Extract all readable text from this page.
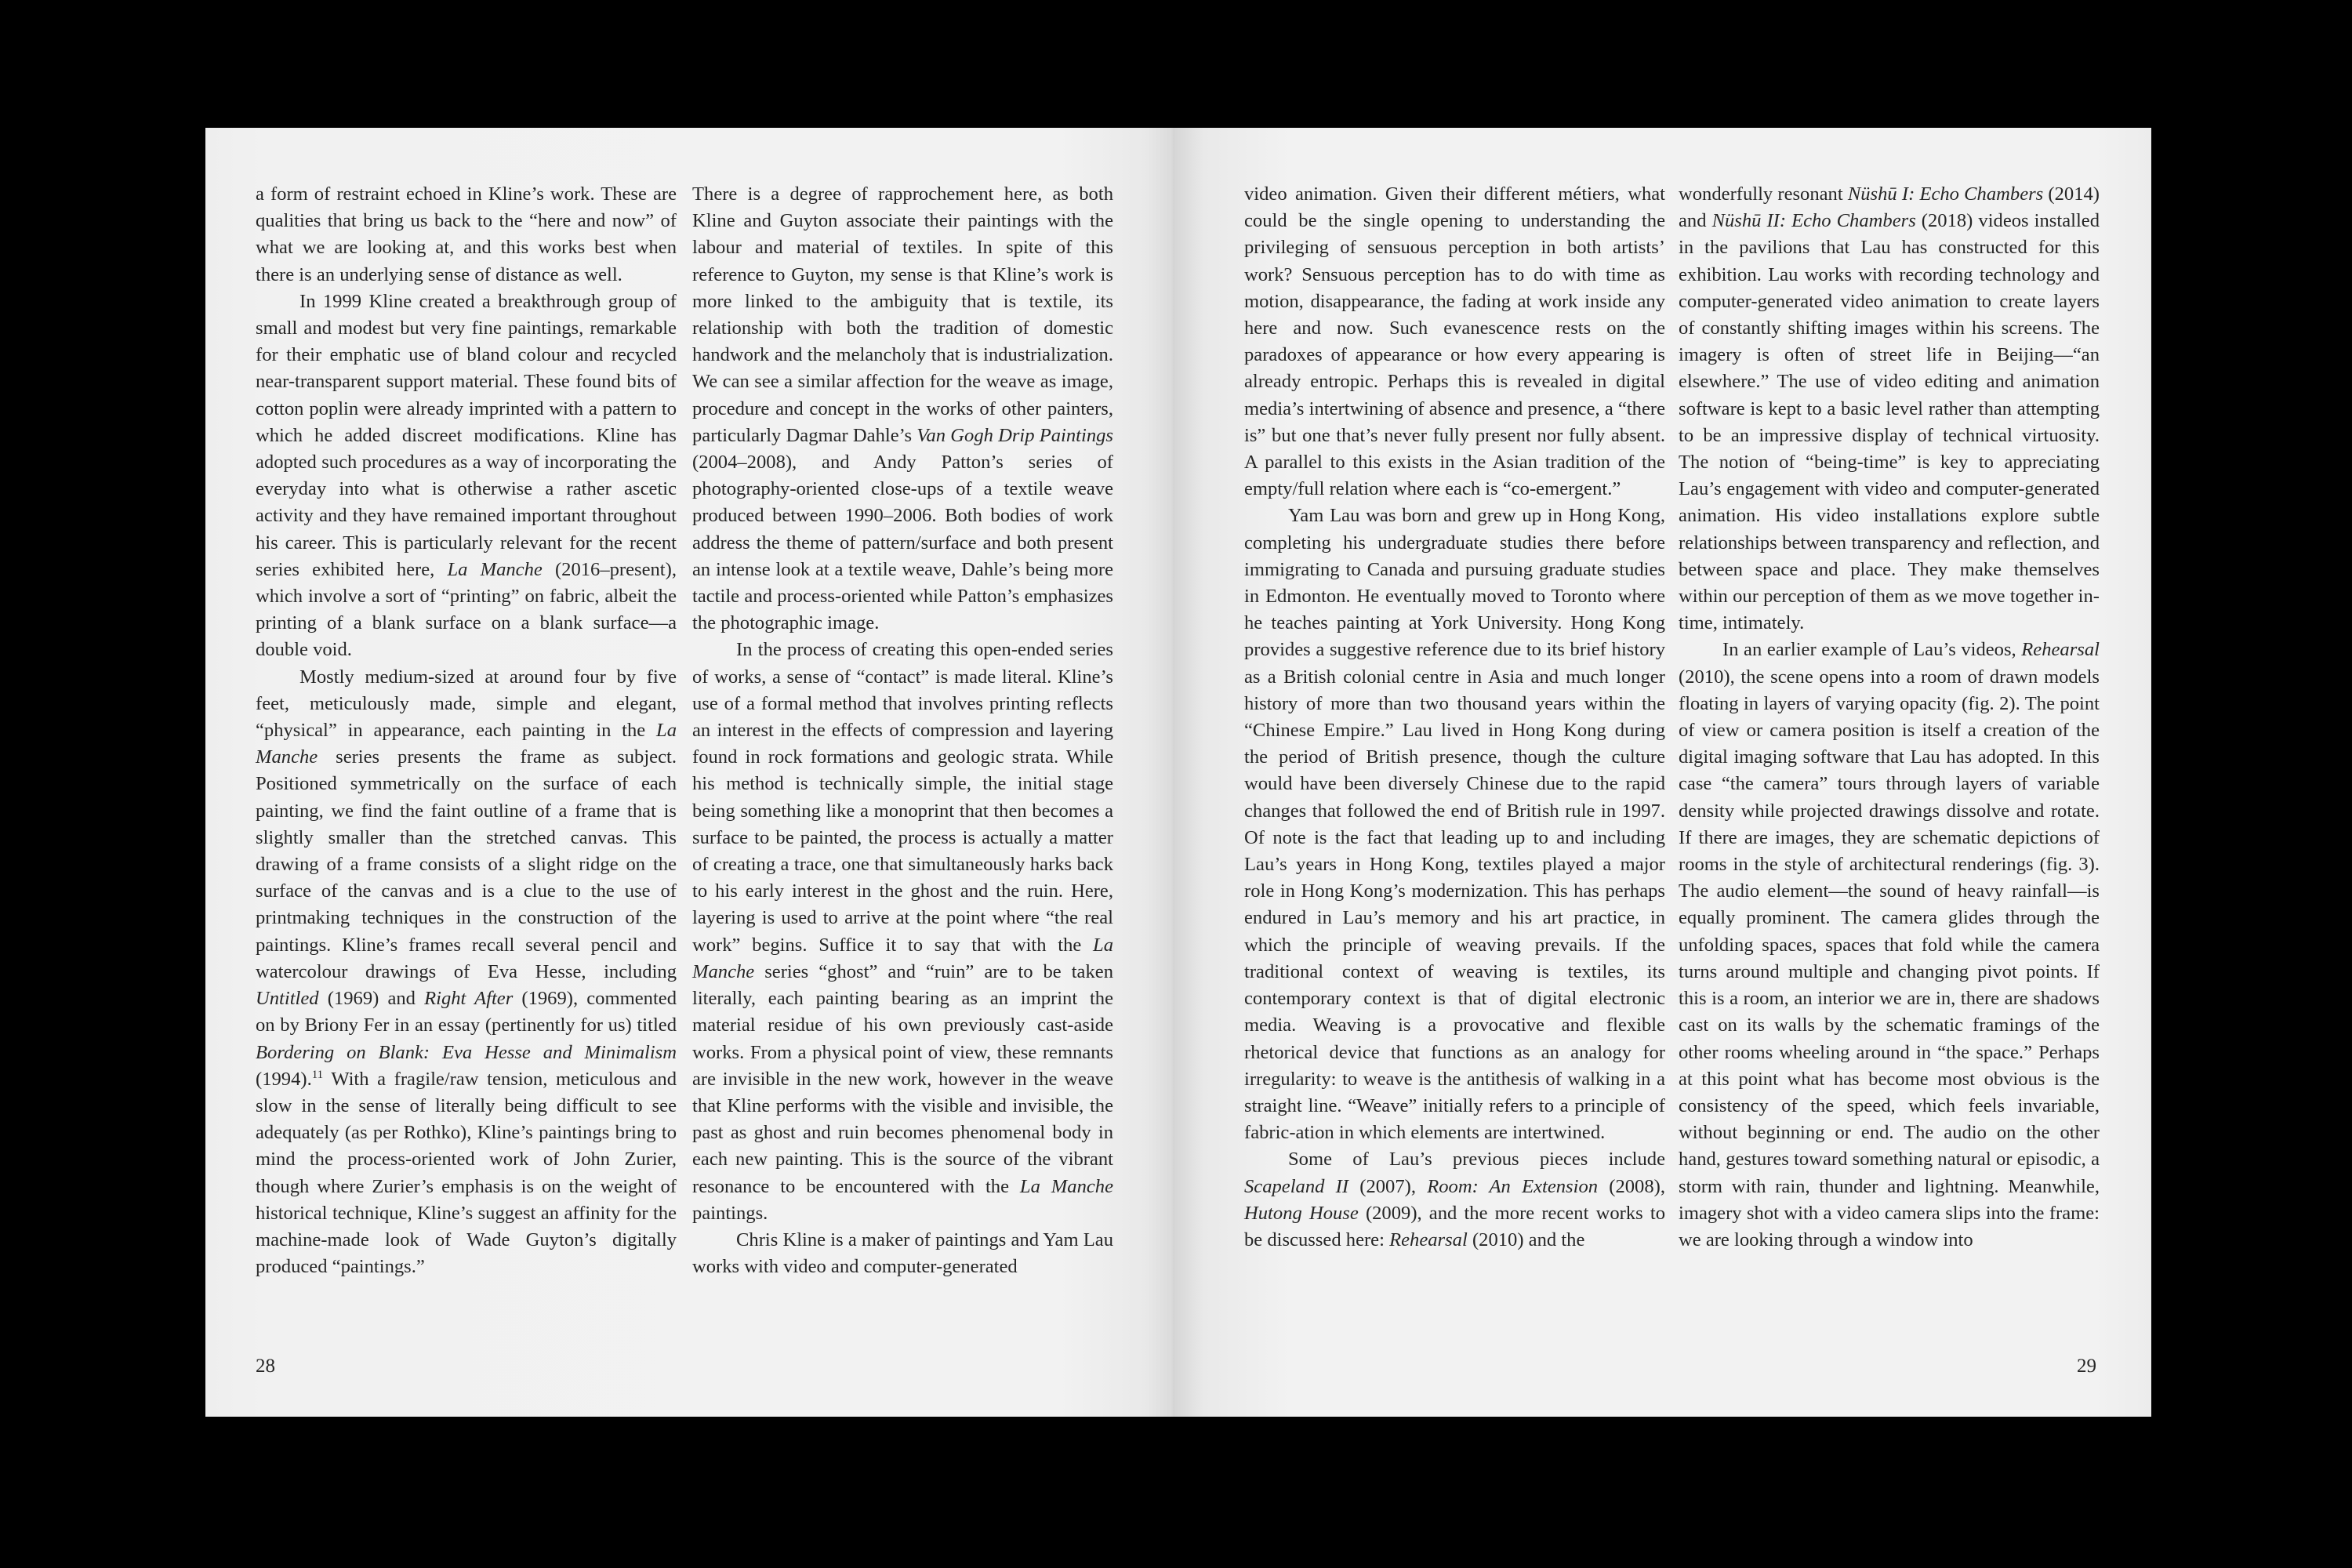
a form of restraint echoed in Kline’s work. These are qualities that bring us back to the “here and now” of what we are looking at, and this works best when there is an underlying sense of distance as well.

In 1999 Kline created a breakthrough group of small and modest but very fine paintings, remarkable for their emphatic use of bland colour and recycled near-transparent support material. These found bits of cotton poplin were already imprinted with a pattern to which he added discreet modifications. Kline has adopted such procedures as a way of incorporating the everyday into what is otherwise a rather ascetic activity and they have remained important throughout his career. This is particularly relevant for the recent series exhibited here, La Manche (2016–present), which involve a sort of “printing” on fabric, albeit the printing of a blank surface on a blank surface—a double void.

Mostly medium-sized at around four by five feet, meticulously made, simple and elegant, “physical” in appearance, each painting in the La Manche series presents the frame as subject. Positioned symmetrically on the surface of each painting, we find the faint outline of a frame that is slightly smaller than the stretched canvas. This drawing of a frame consists of a slight ridge on the surface of the canvas and is a clue to the use of printmaking techniques in the construction of the paintings. Kline’s frames recall several pencil and watercolour drawings of Eva Hesse, including Untitled (1969) and Right After (1969), commented on by Briony Fer in an essay (pertinently for us) titled Bordering on Blank: Eva Hesse and Minimalism (1994).$^{11}$ With a fragile/raw tension, meticulous and slow in the sense of literally being difficult to see adequately (as per Rothko), Kline’s paintings bring to mind the process-oriented work of John Zurier, though where Zurier’s emphasis is on the weight of historical technique, Kline’s suggest an affinity for the machine-made look of Wade Guyton’s digitally produced “paintings.”

There is a degree of rapprochement here, as both Kline and Guyton associate their paintings with the labour and material of textiles. In spite of this reference to Guyton, my sense is that Kline’s work is more linked to the ambiguity that is textile, its relationship with both the tradition of domestic handwork and the melancholy that is industrialization. We can see a similar affection for the weave as image, procedure and concept in the works of other painters, particularly Dagmar Dahle’s Van Gogh Drip Paintings (2004–2008), and Andy Patton’s series of photography-oriented close-ups of a textile weave produced between 1990–2006. Both bodies of work address the theme of pattern/surface and both present an intense look at a textile weave, Dahle’s being more tactile and process-oriented while Patton’s emphasizes the photographic image.

In the process of creating this open-ended series of works, a sense of “contact” is made literal. Kline’s use of a formal method that involves printing reflects an interest in the effects of compression and layering found in rock formations and geologic strata. While his method is technically simple, the initial stage being something like a monoprint that then becomes a surface to be painted, the process is actually a matter of creating a trace, one that simultaneously harks back to his early interest in the ghost and the ruin. Here, layering is used to arrive at the point where “the real work” begins. Suffice it to say that with the La Manche series “ghost” and “ruin” are to be taken literally, each painting bearing as an imprint the material residue of his own previously cast-aside works. From a physical point of view, these remnants are invisible in the new work, however in the weave that Kline performs with the visible and invisible, the past as ghost and ruin becomes phenomenal body in each new painting. This is the source of the vibrant resonance to be encountered with the La Manche paintings.

Chris Kline is a maker of paintings and Yam Lau works with video and computer-generated

28

video animation. Given their different métiers, what could be the single opening to understanding the privileging of sensuous perception in both artists’ work? Sensuous perception has to do with time as motion, disappearance, the fading at work inside any here and now. Such evanescence rests on the paradoxes of appearance or how every appearing is already entropic. Perhaps this is revealed in digital media’s intertwining of absence and presence, a “there is” but one that’s never fully present nor fully absent. A parallel to this exists in the Asian tradition of the empty/full relation where each is “co-emergent.”

Yam Lau was born and grew up in Hong Kong, completing his undergraduate studies there before immigrating to Canada and pursuing graduate studies in Edmonton. He eventually moved to Toronto where he teaches painting at York University. Hong Kong provides a suggestive reference due to its brief history as a British colonial centre in Asia and much longer history of more than two thousand years within the “Chinese Empire.” Lau lived in Hong Kong during the period of British presence, though the culture would have been diversely Chinese due to the rapid changes that followed the end of British rule in 1997. Of note is the fact that leading up to and including Lau’s years in Hong Kong, textiles played a major role in Hong Kong’s modernization. This has perhaps endured in Lau’s memory and his art practice, in which the principle of weaving prevails. If the traditional context of weaving is textiles, its contemporary context is that of digital electronic media. Weaving is a provocative and flexible rhetorical device that functions as an analogy for irregularity: to weave is the antithesis of walking in a straight line. “Weave” initially refers to a principle of fabric-ation in which elements are intertwined.

Some of Lau’s previous pieces include Scapeland II (2007), Room: An Extension (2008), Hutong House (2009), and the more recent works to be discussed here: Rehearsal (2010) and the

wonderfully resonant Nüshū I: Echo Chambers (2014) and Nüshū II: Echo Chambers (2018) videos installed in the pavilions that Lau has constructed for this exhibition. Lau works with recording technology and computer-generated video animation to create layers of constantly shifting images within his screens. The imagery is often of street life in Beijing—“an elsewhere.” The use of video editing and animation software is kept to a basic level rather than attempting to be an impressive display of technical virtuosity. The notion of “being-time” is key to appreciating Lau’s engagement with video and computer-generated animation. His video installations explore subtle relationships between transparency and reflection, and between space and place. They make themselves within our perception of them as we move together in-time, intimately.

In an earlier example of Lau’s videos, Rehearsal (2010), the scene opens into a room of drawn models floating in layers of varying opacity (fig. 2). The point of view or camera position is itself a creation of the digital imaging software that Lau has adopted. In this case “the camera” tours through layers of variable density while projected drawings dissolve and rotate. If there are images, they are schematic depictions of rooms in the style of architectural renderings (fig. 3). The audio element—the sound of heavy rainfall—is equally prominent. The camera glides through the unfolding spaces, spaces that fold while the camera turns around multiple and changing pivot points. If this is a room, an interior we are in, there are shadows cast on its walls by the schematic framings of the other rooms wheeling around in “the space.” Perhaps at this point what has become most obvious is the consistency of the speed, which feels invariable, without beginning or end. The audio on the other hand, gestures toward something natural or episodic, a storm with rain, thunder and lightning. Meanwhile, imagery shot with a video camera slips into the frame: we are looking through a window into

29
